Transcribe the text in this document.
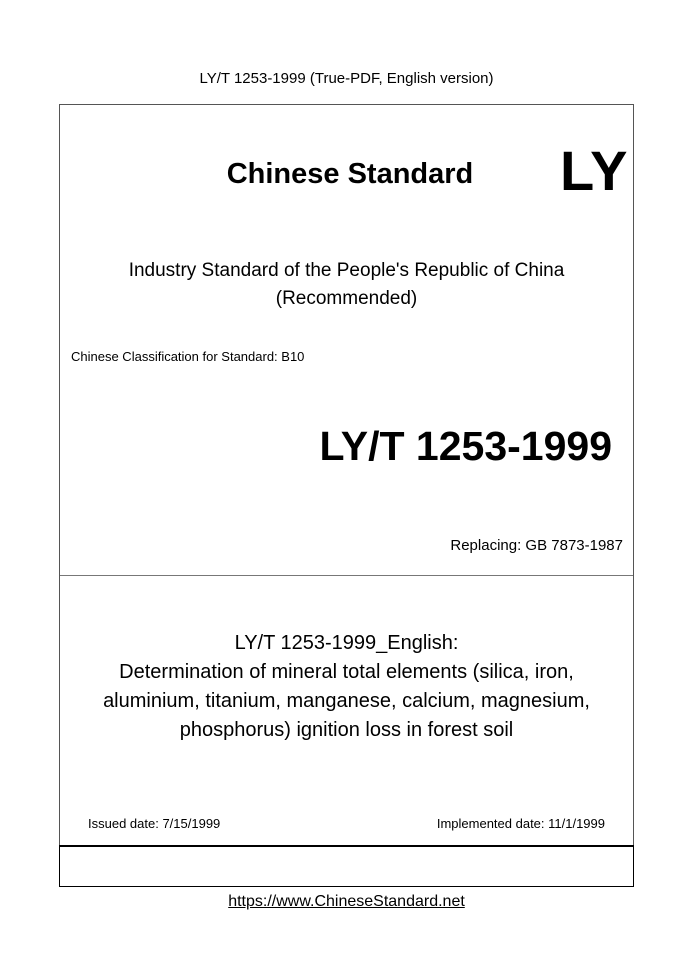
LY/T 1253-1999 (True-PDF, English version)
Chinese Standard	LY
Industry Standard of the People's Republic of China
(Recommended)
Chinese Classification for Standard: B10
LY/T 1253-1999
Replacing: GB 7873-1987
LY/T 1253-1999_English:
Determination of mineral total elements (silica, iron,
aluminium, titanium, manganese, calcium, magnesium,
phosphorus) ignition loss in forest soil
Issued date: 7/15/1999	Implemented date: 11/1/1999
https://www.ChineseStandard.net
